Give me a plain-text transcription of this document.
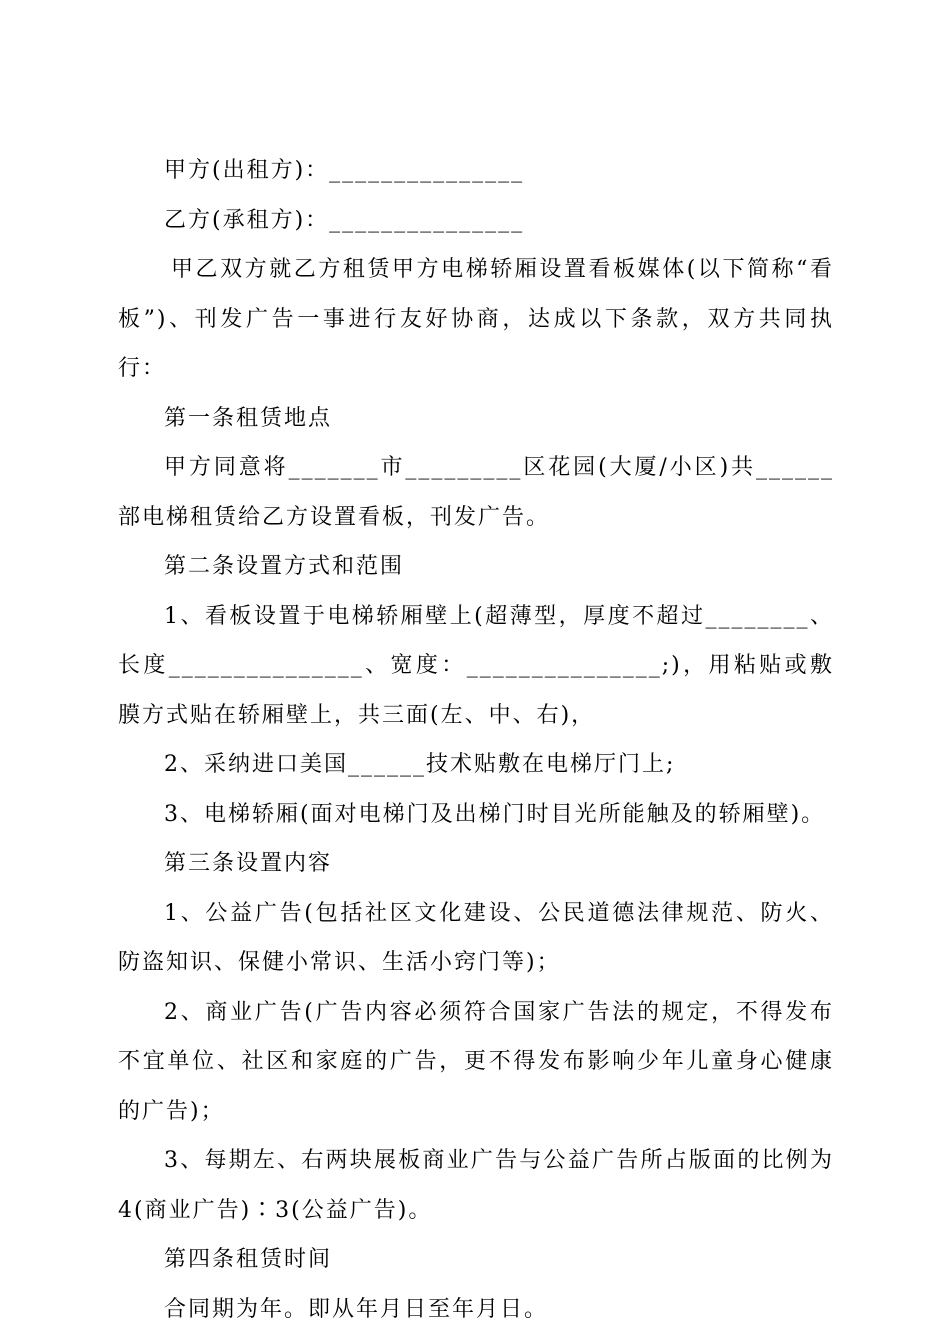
甲方(出租方)：_______________

乙方(承租方)：_______________

甲乙双方就乙方租赁甲方电梯轿厢设置看板媒体(以下简称“看板”)、刊发广告一事进行友好协商，达成以下条款，双方共同执行：

第一条租赁地点

甲方同意将_______市_________区花园(大厦/小区)共______部电梯租赁给乙方设置看板，刊发广告。

第二条设置方式和范围

1、看板设置于电梯轿厢壁上(超薄型，厚度不超过________、长度_______________、宽度：_______________;)，用粘贴或敷膜方式贴在轿厢壁上，共三面(左、中、右)，

2、采纳进口美国______技术贴敷在电梯厅门上;

3、电梯轿厢(面对电梯门及出梯门时目光所能触及的轿厢壁)。

第三条设置内容

1、公益广告(包括社区文化建设、公民道德法律规范、防火、防盗知识、保健小常识、生活小窍门等)；

2、商业广告(广告内容必须符合国家广告法的规定，不得发布不宜单位、社区和家庭的广告，更不得发布影响少年儿童身心健康的广告)；

3、每期左、右两块展板商业广告与公益广告所占版面的比例为4(商业广告)∶3(公益广告)。

第四条租赁时间

合同期为年。即从年月日至年月日。
